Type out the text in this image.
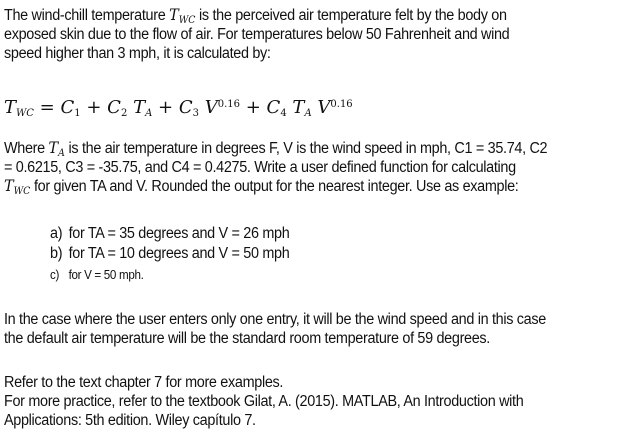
The wind-chill temperature $T_{WC}$ is the perceived air temperature felt by the body on
exposed skin due to the flow of air. For temperatures below 50 Fahrenheit and wind
speed higher than 3 mph, it is calculated by:
$T_{WC} = C_1 + C_2$ $T_A + C_3$ $V^{0.16} + C_4$ $T_A$ $V^{0.16}$
Where $T_A$ is the air temperature in degrees F, V is the wind speed in mph, C1 = 35.74, C2
= 0.6215, C3 = -35.75, and C4 = 0.4275. Write a user defined function for calculating
$T_{WC}$ for given TA and V. Rounded the output for the nearest integer. Use as example:
a) for TA = 35 degrees and V = 26 mph
b) for TA = 10 degrees and V = 50 mph
c) for V = 50 mph.
In the case where the user enters only one entry, it will be the wind speed and in this case
the default air temperature will be the standard room temperature of 59 degrees.
Refer to the text chapter 7 for more examples.
For more practice, refer to the textbook Gilat, A. (2015). MATLAB, An Introduction with
Applications: 5th edition. Wiley capítulo 7.
